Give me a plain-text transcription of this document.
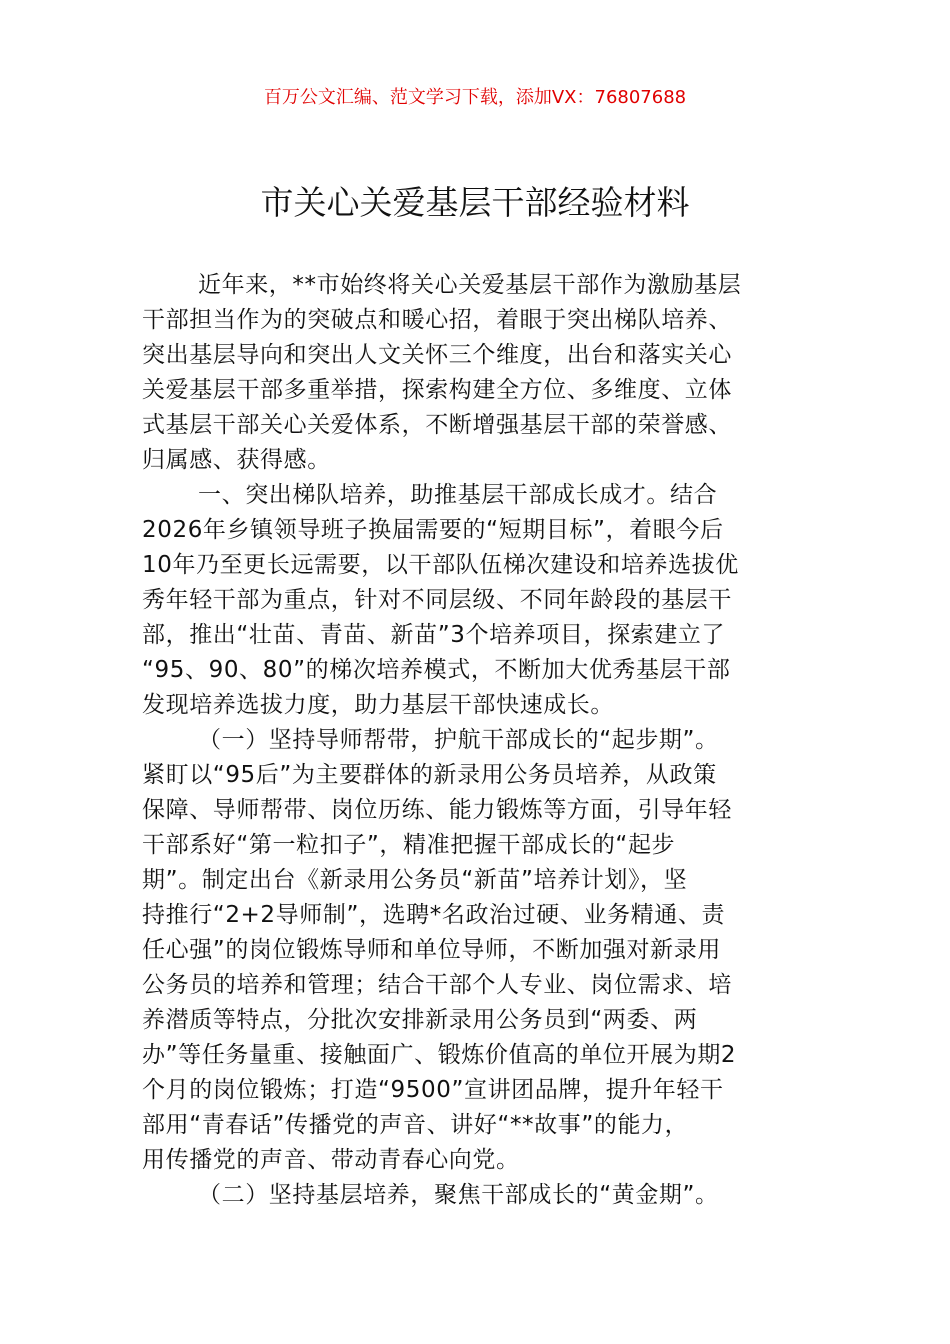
百万公文汇编、范文学习下载，添加VX：76807688
市关心关爱基层干部经验材料
近年来，**市始终将关心关爱基层干部作为激励基层
干部担当作为的突破点和暖心招，着眼于突出梯队培养、
突出基层导向和突出人文关怀三个维度，出台和落实关心
关爱基层干部多重举措，探索构建全方位、多维度、立体
式基层干部关心关爱体系，不断增强基层干部的荣誉感、
归属感、获得感。
一、突出梯队培养，助推基层干部成长成才。结合
2026年乡镇领导班子换届需要的“短期目标”，着眼今后
10年乃至更长远需要，以干部队伍梯次建设和培养选拔优
秀年轻干部为重点，针对不同层级、不同年龄段的基层干
部，推出“壮苗、青苗、新苗”3个培养项目，探索建立了
“95、90、80”的梯次培养模式，不断加大优秀基层干部
发现培养选拔力度，助力基层干部快速成长。
（一）坚持导师帮带，护航干部成长的“起步期”。
紧盯以“95后”为主要群体的新录用公务员培养，从政策
保障、导师帮带、岗位历练、能力锻炼等方面，引导年轻
干部系好“第一粒扣子”，精准把握干部成长的“起步
期”。制定出台《新录用公务员“新苗”培养计划》，坚
持推行“2+2导师制”，选聘*名政治过硬、业务精通、责
任心强”的岗位锻炼导师和单位导师，不断加强对新录用
公务员的培养和管理；结合干部个人专业、岗位需求、培
养潜质等特点，分批次安排新录用公务员到“两委、两
办”等任务量重、接触面广、锻炼价值高的单位开展为期2
个月的岗位锻炼；打造“9500”宣讲团品牌，提升年轻干
部用“青春话”传播党的声音、讲好“**故事”的能力，
用传播党的声音、带动青春心向党。
（二）坚持基层培养，聚焦干部成长的“黄金期”。
